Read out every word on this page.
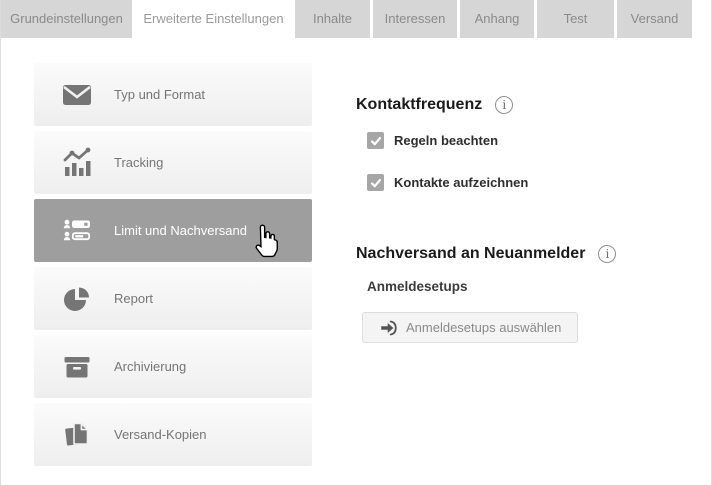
Grundeinstellungen	Erweiterte Einstellungen	Inhalte	Interessen	Anhang	Test	Versand
Typ und Format
Tracking
Limit und Nachversand
Report
Archivierung
Versand-Kopien
Kontaktfrequenz	i
Regeln beachten
Kontakte aufzeichnen
Nachversand an Neuanmelder	i
Anmeldesetups
Anmeldesetups auswählen
